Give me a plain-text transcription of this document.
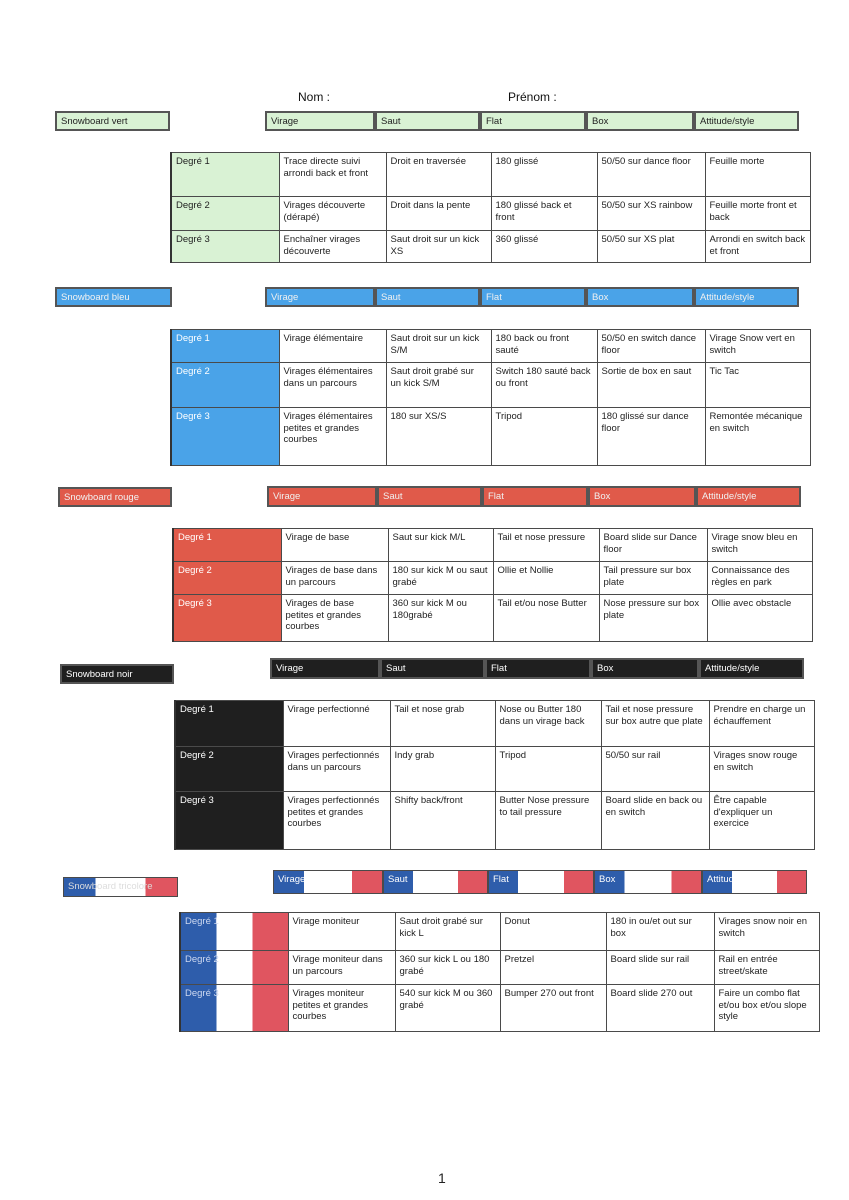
Nom :	Prénom :
Snowboard vert	Virage	Saut	Flat	Box	Attitude/style
Degré 1	Trace directe suivi arrondi back et front	Droit en traversée	180 glissé	50/50 sur dance floor	Feuille morte
Degré 2	Virages découverte (dérapé)	Droit dans la pente	180 glissé back et front	50/50 sur XS rainbow	Feuille morte front et back
Degré 3	Enchaîner virages découverte	Saut droit sur un kick XS	360 glissé	50/50 sur XS plat	Arrondi en switch back et front
Snowboard bleu	Virage	Saut	Flat	Box	Attitude/style
Degré 1	Virage élémentaire	Saut droit sur un kick S/M	180 back ou front sauté	50/50 en switch dance floor	Virage Snow vert en switch
Degré 2	Virages élémentaires dans un parcours	Saut droit grabé sur un kick S/M	Switch 180 sauté back ou front	Sortie de box en saut	Tic Tac
Degré 3	Virages élémentaires petites et grandes courbes	180 sur XS/S	Tripod	180 glissé sur dance floor	Remontée mécanique en switch
Snowboard rouge	Virage	Saut	Flat	Box	Attitude/style
Degré 1	Virage de base	Saut sur kick M/L	Tail et nose pressure	Board slide sur Dance floor	Virage snow bleu en switch
Degré 2	Virages de base dans un parcours	180 sur kick M ou saut grabé	Ollie et Nollie	Tail pressure sur box plate	Connaissance des règles en park
Degré 3	Virages de base petites et grandes courbes	360 sur kick M ou 180grabé	Tail et/ou nose Butter	Nose pressure sur box plate	Ollie avec obstacle
Snowboard noir
Virage	Saut	Flat	Box	Attitude/style
Degré 1	Virage perfectionné	Tail et nose grab	Nose ou Butter 180 dans un virage back	Tail et nose pressure sur box autre que plate	Prendre en charge un échauffement
Degré 2	Virages perfectionnés dans un parcours	Indy grab	Tripod	50/50 sur rail	Virages snow rouge en switch
Degré 3	Virages perfectionnés petites et grandes courbes	Shifty back/front	Butter Nose pressure to tail pressure	Board slide en back ou en switch	Être capable d'expliquer un exercice
Snowboard tricolore
Virage	Saut	Flat	Box	Attitude/style
Degré 1	Virage moniteur	Saut droit grabé sur kick L	Donut	180 in ou/et out sur box	Virages snow noir en switch
Degré 2	Virage moniteur dans un parcours	360 sur kick L ou 180 grabé	Pretzel	Board slide sur rail	Rail en entrée street/skate
Degré 3	Virages moniteur petites et grandes courbes	540 sur kick M ou 360 grabé	Bumper 270 out front	Board slide 270 out	Faire un combo flat et/ou box et/ou slope style
1
